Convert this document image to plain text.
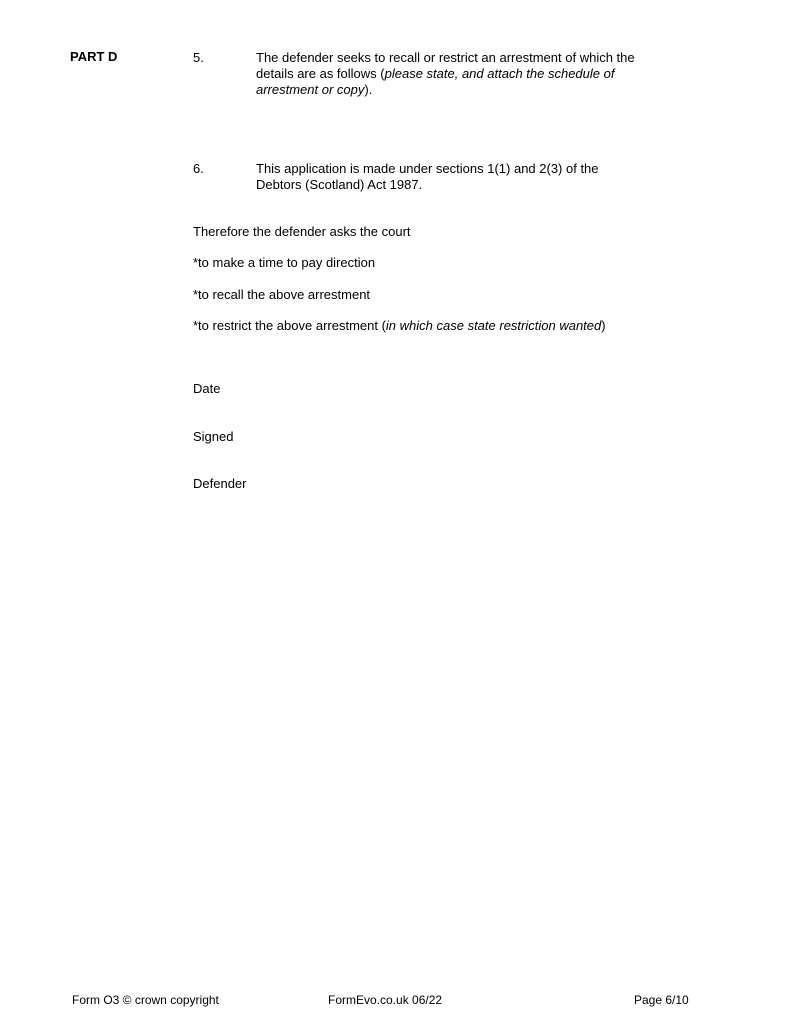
PART D	5.	The defender seeks to recall or restrict an arrestment of which the details are as follows (please state, and attach the schedule of arrestment or copy).
6.	This application is made under sections 1(1) and 2(3) of the Debtors (Scotland) Act 1987.
Therefore the defender asks the court
*to make a time to pay direction
*to recall the above arrestment
*to restrict the above arrestment (in which case state restriction wanted)
Date
Signed
Defender
Form O3 © crown copyright	FormEvo.co.uk 06/22	Page 6/10
